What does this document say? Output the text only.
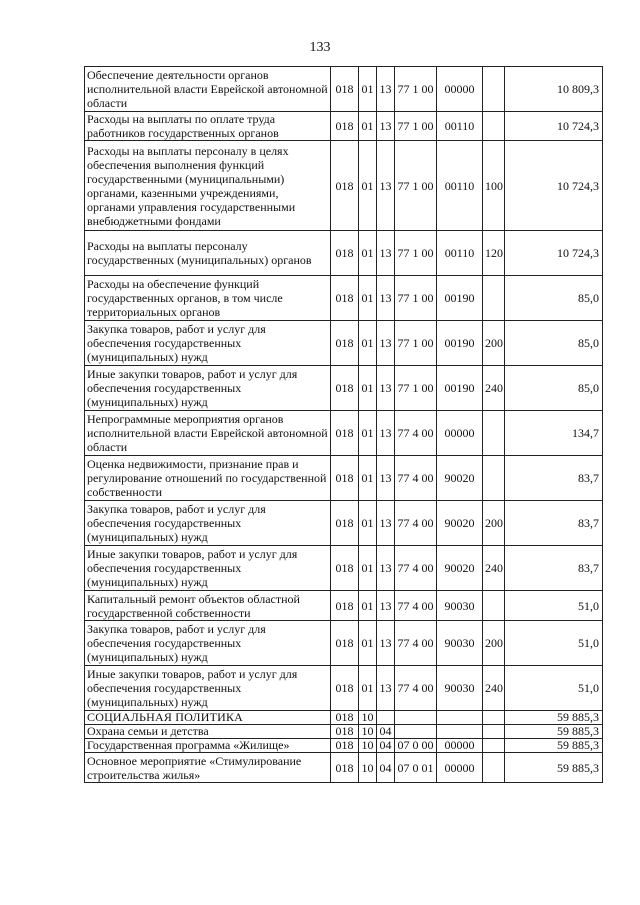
133
Обеспечение деятельности органов исполнительной власти Еврейской автономной области	018	01	13	77 1 00	00000		10 809,3
Расходы на выплаты по оплате труда работников государственных органов	018	01	13	77 1 00	00110		10 724,3
Расходы на выплаты персоналу в целях обеспечения выполнения функций государственными (муниципальными) органами, казенными учреждениями, органами управления государственными внебюджетными фондами	018	01	13	77 1 00	00110	100	10 724,3
Расходы на выплаты персоналу государственных (муниципальных) органов	018	01	13	77 1 00	00110	120	10 724,3
Расходы на обеспечение функций государственных органов, в том числе территориальных органов	018	01	13	77 1 00	00190		85,0
Закупка товаров, работ и услуг для обеспечения государственных (муниципальных) нужд	018	01	13	77 1 00	00190	200	85,0
Иные закупки товаров, работ и услуг для обеспечения государственных (муниципальных) нужд	018	01	13	77 1 00	00190	240	85,0
Непрограммные мероприятия органов исполнительной власти Еврейской автономной области	018	01	13	77 4 00	00000		134,7
Оценка недвижимости, признание прав и регулирование отношений по государственной собственности	018	01	13	77 4 00	90020		83,7
Закупка товаров, работ и услуг для обеспечения государственных (муниципальных) нужд	018	01	13	77 4 00	90020	200	83,7
Иные закупки товаров, работ и услуг для обеспечения государственных (муниципальных) нужд	018	01	13	77 4 00	90020	240	83,7
Капитальный ремонт объектов областной государственной собственности	018	01	13	77 4 00	90030		51,0
Закупка товаров, работ и услуг для обеспечения государственных (муниципальных) нужд	018	01	13	77 4 00	90030	200	51,0
Иные закупки товаров, работ и услуг для обеспечения государственных (муниципальных) нужд	018	01	13	77 4 00	90030	240	51,0
СОЦИАЛЬНАЯ ПОЛИТИКА	018	10					59 885,3
Охрана семьи и детства	018	10	04				59 885,3
Государственная программа «Жилище»	018	10	04	07 0 00	00000		59 885,3
Основное мероприятие «Стимулирование строительства жилья»	018	10	04	07 0 01	00000		59 885,3
